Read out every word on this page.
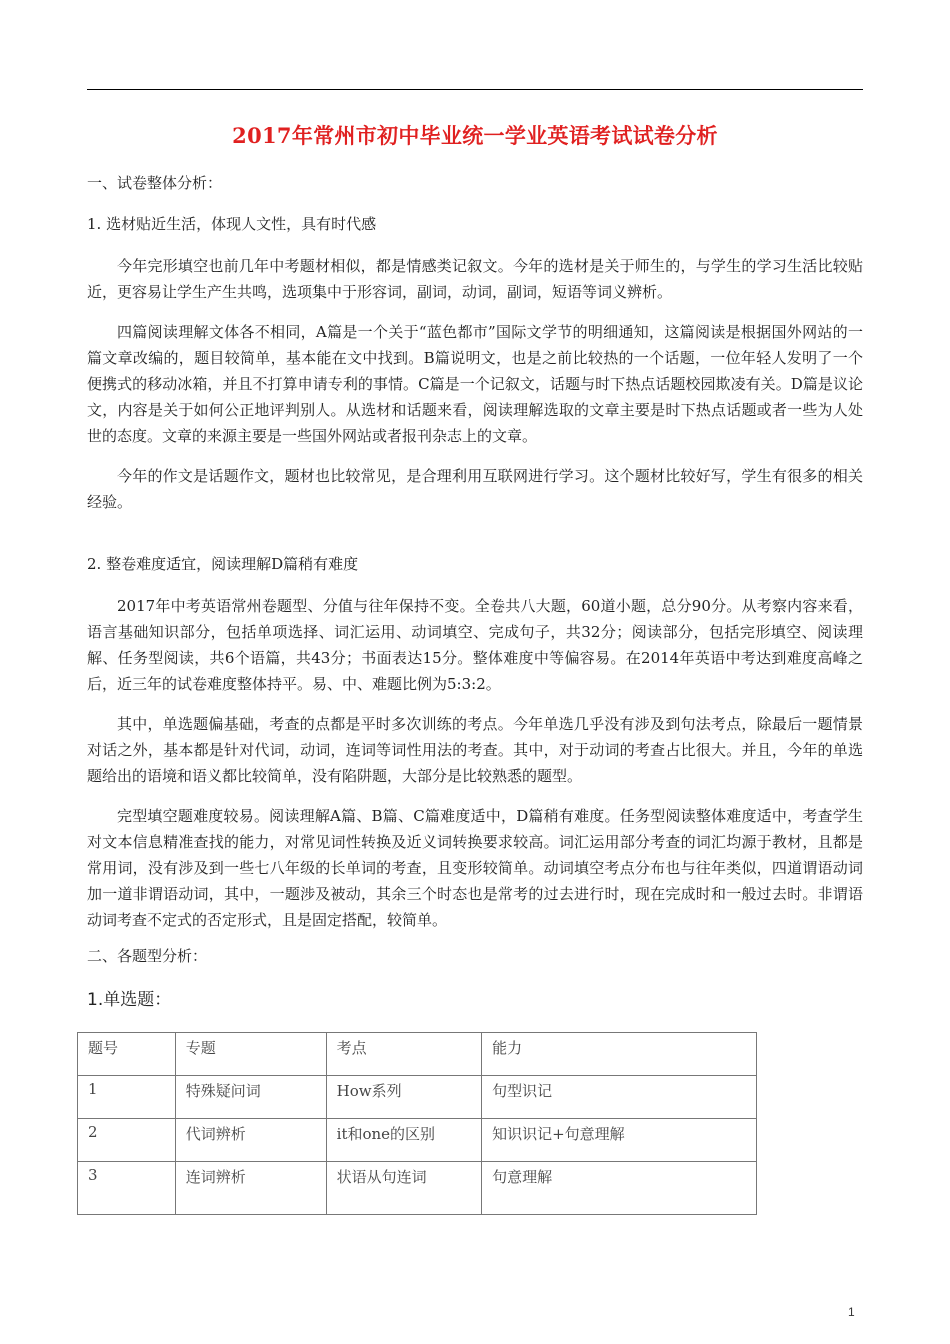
2017年常州市初中毕业统一学业英语考试试卷分析
一、试卷整体分析：
1. 选材贴近生活，体现人文性，具有时代感

今年完形填空也前几年中考题材相似，都是情感类记叙文。今年的选材是关于师生的，与学生的学习生活比较贴近，更容易让学生产生共鸣，选项集中于形容词，副词，动词，副词，短语等词义辨析。

四篇阅读理解文体各不相同，A篇是一个关于“蓝色都市”国际文学节的明细通知，这篇阅读是根据国外网站的一篇文章改编的，题目较简单，基本能在文中找到。B篇说明文，也是之前比较热的一个话题，一位年轻人发明了一个便携式的移动冰箱，并且不打算申请专利的事情。C篇是一个记叙文，话题与时下热点话题校园欺凌有关。D篇是议论文，内容是关于如何公正地评判别人。从选材和话题来看，阅读理解选取的文章主要是时下热点话题或者一些为人处世的态度。文章的来源主要是一些国外网站或者报刊杂志上的文章。

今年的作文是话题作文，题材也比较常见，是合理利用互联网进行学习。这个题材比较好写，学生有很多的相关经验。

2. 整卷难度适宜，阅读理解D篇稍有难度

2017年中考英语常州卷题型、分值与往年保持不变。全卷共八大题，60道小题，总分90分。从考察内容来看，语言基础知识部分，包括单项选择、词汇运用、动词填空、完成句子，共32分；阅读部分，包括完形填空、阅读理解、任务型阅读，共6个语篇，共43分；书面表达15分。整体难度中等偏容易。在2014年英语中考达到难度高峰之后，近三年的试卷难度整体持平。易、中、难题比例为5:3:2。

其中，单选题偏基础，考查的点都是平时多次训练的考点。今年单选几乎没有涉及到句法考点，除最后一题情景对话之外，基本都是针对代词，动词，连词等词性用法的考查。其中，对于动词的考查占比很大。并且，今年的单选题给出的语境和语义都比较简单，没有陷阱题，大部分是比较熟悉的题型。

完型填空题难度较易。阅读理解A篇、B篇、C篇难度适中，D篇稍有难度。任务型阅读整体难度适中，考查学生对文本信息精准查找的能力，对常见词性转换及近义词转换要求较高。词汇运用部分考查的词汇均源于教材，且都是常用词，没有涉及到一些七八年级的长单词的考查，且变形较简单。动词填空考点分布也与往年类似，四道谓语动词加一道非谓语动词，其中，一题涉及被动，其余三个时态也是常考的过去进行时，现在完成时和一般过去时。非谓语动词考查不定式的否定形式，且是固定搭配，较简单。

二、各题型分析：
1.单选题：
题号	专题	考点	能力
1	特殊疑问词	How系列	句型识记
2	代词辨析	it和one的区别	知识识记+句意理解
3	连词辨析	状语从句连词	句意理解
1
